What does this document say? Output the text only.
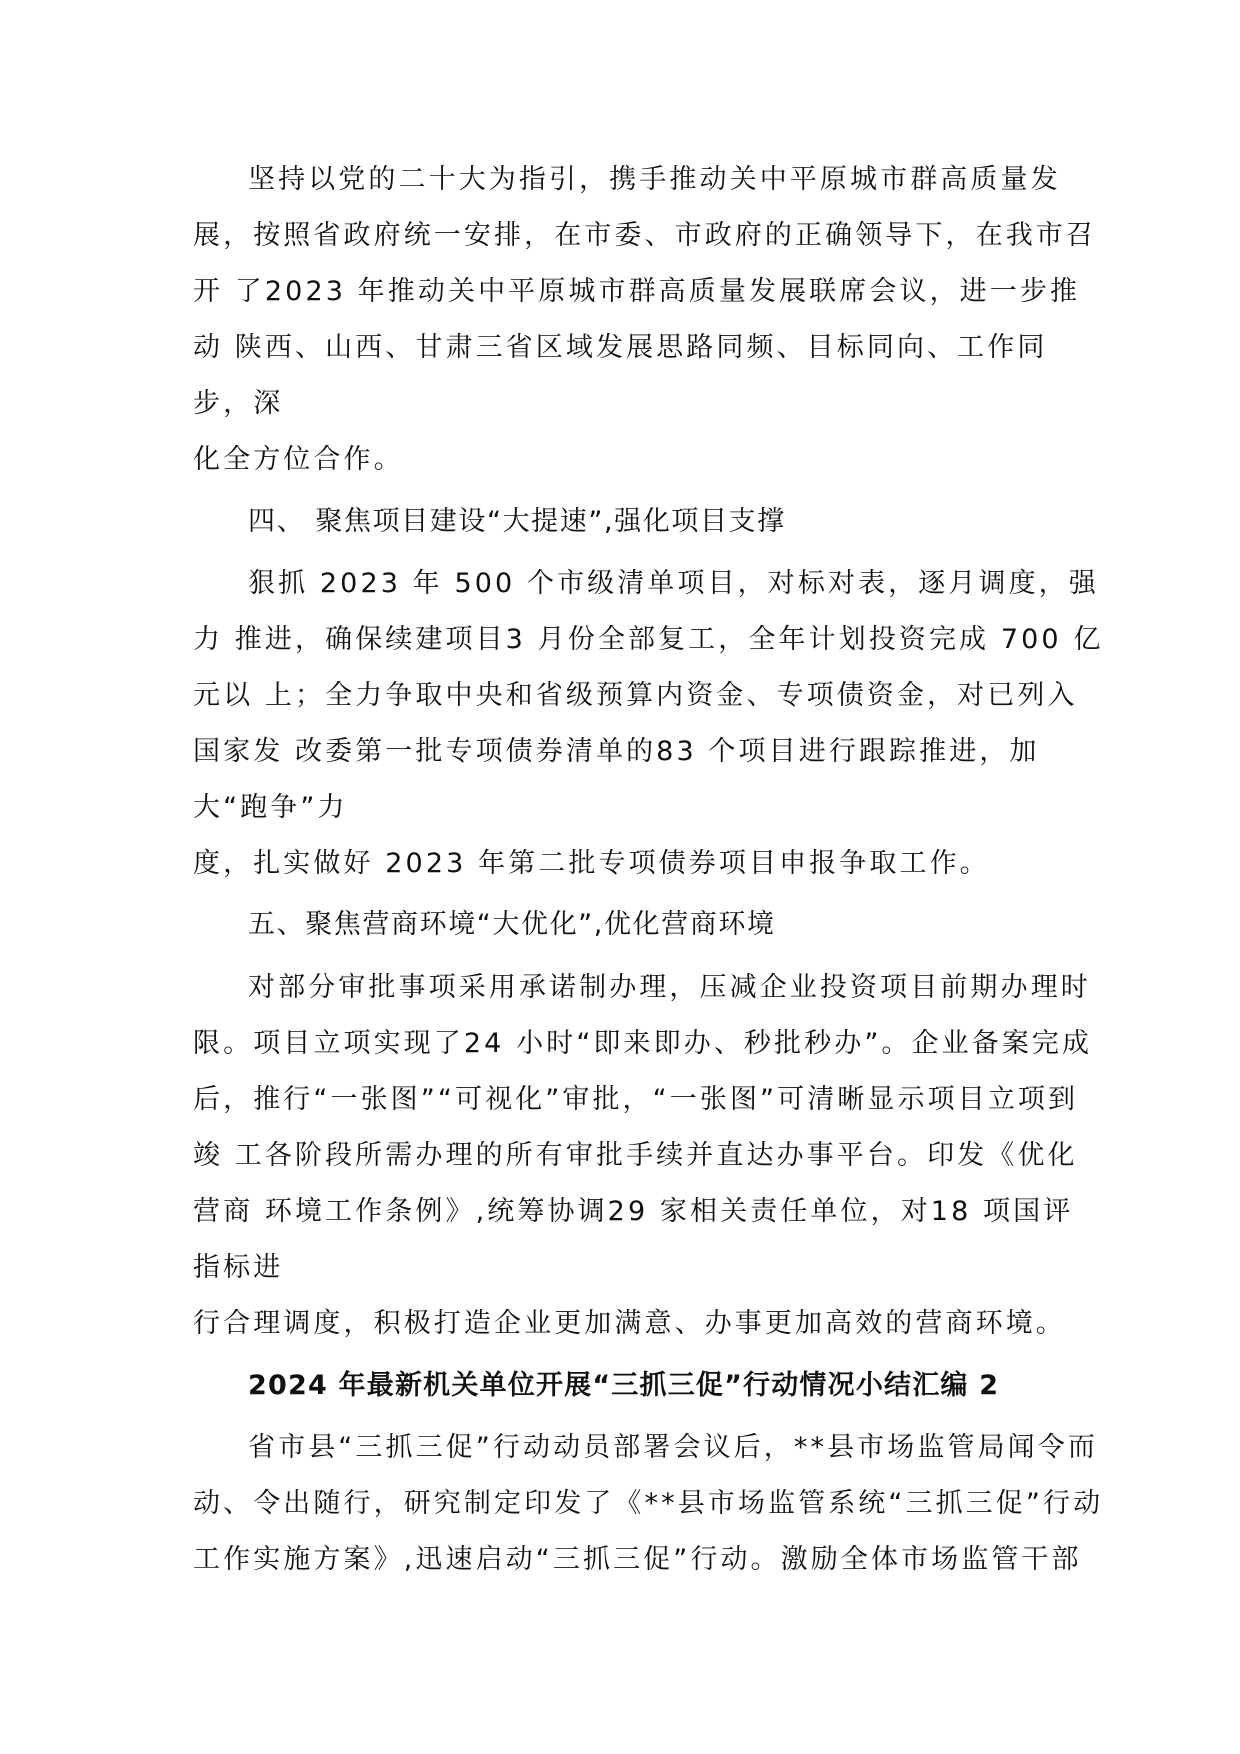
坚持以党的二十大为指引，携手推动关中平原城市群高质量发
展，按照省政府统一安排，在市委、市政府的正确领导下，在我市召
开 了2023 年推动关中平原城市群高质量发展联席会议，进一步推
动 陕西、山西、甘肃三省区域发展思路同频、目标同向、工作同
步，深
化全方位合作。
四、 聚焦项目建设“大提速”,强化项目支撑
狠抓 2023 年 500 个市级清单项目，对标对表，逐月调度，强
力 推进，确保续建项目3 月份全部复工，全年计划投资完成 700 亿
元以 上；全力争取中央和省级预算内资金、专项债资金，对已列入
国家发 改委第一批专项债券清单的83 个项目进行跟踪推进，加
大“跑争”力
度，扎实做好 2023 年第二批专项债券项目申报争取工作。
五、聚焦营商环境“大优化”,优化营商环境
对部分审批事项采用承诺制办理，压减企业投资项目前期办理时
限。项目立项实现了24 小时“即来即办、秒批秒办”。企业备案完成
后，推行“一张图”“可视化”审批，“一张图”可清晰显示项目立项到
竣 工各阶段所需办理的所有审批手续并直达办事平台。印发《优化
营商 环境工作条例》,统筹协调29 家相关责任单位，对18 项国评
指标进
行合理调度，积极打造企业更加满意、办事更加高效的营商环境。
2024 年最新机关单位开展“三抓三促”行动情况小结汇编 2
省市县“三抓三促”行动动员部署会议后，**县市场监管局闻令而
动、令出随行，研究制定印发了《**县市场监管系统“三抓三促”行动
工作实施方案》,迅速启动“三抓三促”行动。激励全体市场监管干部
